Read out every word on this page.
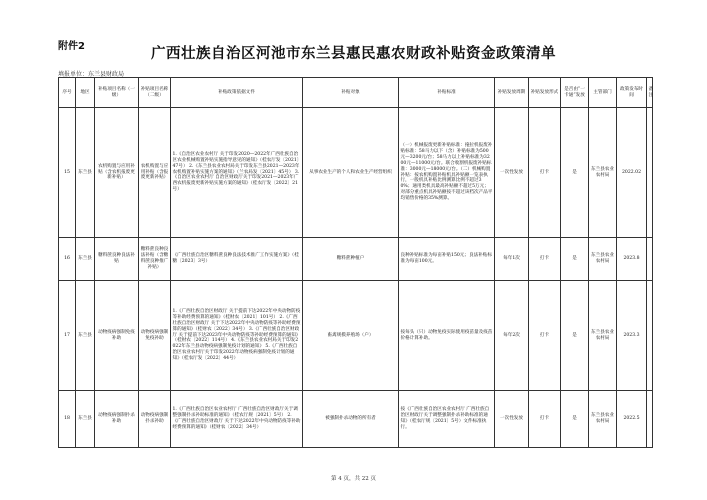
附件2	广西壮族自治区河池市东兰县惠民惠农财政补贴资金政策清单
填报单位：东兰县财政局
序号	地区	补贴项目名称（一级）	补贴项目名称（二级）	补贴政策依据文件	补贴对象	补贴标准	补贴发放周期	补贴发放形式	是否由“一卡通”发放	主管部门	政策发布时间	备注
15	东兰县	农机购置与应用补贴（含农机报废更新补贴）	农机购置与应用补贴（含报废更新补贴）	1.《自治区农业农村厅 关于印发2020—2022年广西壮族自治区农业机械购置补贴实施指导意见的通知》（桂农厅发〔2021〕47号） 2.《东兰县农业农村局关于印发东兰县2021—2023年农机购置补贴实施方案的通知》（兰农局发〔2021〕45号） 3.《自治区农业农村厅 自治区财政厅关于印发2021—2023年广西农机报废更新补贴实施方案的通知》（桂农厅发〔2022〕21号）	从事农业生产的个人和农业生产经营组织	（一）机械报废更新补贴标准：拖拉机报废补贴标准：58马力以下（含）补贴标准为500元—3200元/台；58马力以上补贴标准为3200元—11000元/台。联合收割机报废补贴标准：3000元—18000元/台。（二）机械购置补贴：按农机购置补贴机具补贴额一览表执行，一般机具补贴比例测算比例不超过30%；通用类机具最高补贴额不超过5万元；对部分重点机具补贴额按不超过该档次产品平均销售价格的35%测算。	一次性发放	打卡	是	东兰县农业农村局	2022.02	
16	东兰县	糖料蔗良种良法补贴	糖料蔗良种良法补贴（含糖料蔗良种推广补贴）	《广西壮族自治区糖料蔗良种良法技术推广工作实施方案》（桂糖〔2023〕3号）	糖料蔗种植户	良种补贴标准为每亩补贴150元；良法补贴标准为每亩100元。	每年1次	打卡	是	东兰县农业农村局	2023.8	
17	东兰县	动物疫病强制免疫补助	动物疫病强制免疫补助	1.《广西壮族自治区财政厅 关于提前下达2022年中央动物防疫等补助经费预算的通知》（桂财农〔2021〕101号） 2.《广西壮族自治区财政厅 关于下达2022年中央动物防疫等补助经费预算的通知》（桂财农〔2022〕34号） 3.《广西壮族自治区财政厅 关于提前下达2023年中央动物防疫等补助经费预算的通知》（桂财农〔2022〕114号） 4.《东兰县农业农村局关于印发2022年东兰县动物疫病强制免疫计划的通知》 5.《广西壮族自治区农业农村厅关于印发2022年动物疫病强制免疫计划的通知》（桂农厅发〔2022〕44号）	畜禽规模养殖场（户）	按每头（只）动物免疫实际使用疫苗量及疫苗价格计算补助。	每年2次	打卡	是	东兰县农业农村局	2023.3	
18	东兰县	动物疫病强制扑杀补助	动物疫病强制扑杀补助	1.《广西壮族自治区农业农村厅 广西壮族自治区财政厅关于调整强制扑杀补助标准的通知》（桂农厅规〔2021〕5号） 2.《广西壮族自治区财政厅 关于下达2022年中央动物防疫等补助经费预算的通知》（桂财农〔2022〕34号）	被强制扑杀动物的所有者	按《广西壮族自治区农业农村厅 广西壮族自治区财政厅关于调整强制扑杀补助标准的通知》（桂农厅规〔2021〕5号）文件标准执行。	一次性发放	打卡	是	东兰县农业农村局	2022.5	
第 4 页，共 22 页
